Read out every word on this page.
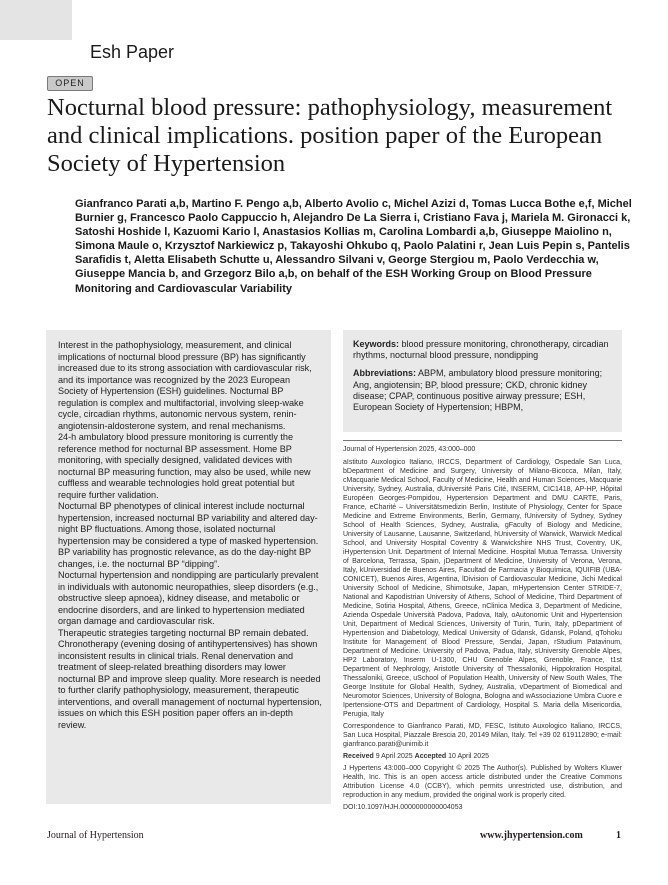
Esh Paper
OPEN
Nocturnal blood pressure: pathophysiology, measurement and clinical implications. position paper of the European Society of Hypertension
Gianfranco Parati a,b, Martino F. Pengo a,b, Alberto Avolio c, Michel Azizi d, Tomas Lucca Bothe e,f, Michel Burnier g, Francesco Paolo Cappuccio h, Alejandro De La Sierra i, Cristiano Fava j, Mariela M. Gironacci k, Satoshi Hoshide l, Kazuomi Kario l, Anastasios Kollias m, Carolina Lombardi a,b, Giuseppe Maiolino n, Simona Maule o, Krzysztof Narkiewicz p, Takayoshi Ohkubo q, Paolo Palatini r, Jean Luis Pepin s, Pantelis Sarafidis t, Aletta Elisabeth Schutte u, Alessandro Silvani v, George Stergiou m, Paolo Verdecchia w, Giuseppe Mancia b, and Grzegorz Bilo a,b, on behalf of the ESH Working Group on Blood Pressure Monitoring and Cardiovascular Variability

Interest in the pathophysiology, measurement, and clinical implications of nocturnal blood pressure (BP) has significantly increased due to its strong association with cardiovascular risk, and its importance was recognized by the 2023 European Society of Hypertension (ESH) guidelines. Nocturnal BP regulation is complex and multifactorial, involving sleep-wake cycle, circadian rhythms, autonomic nervous system, renin-angiotensin-aldosterone system, and renal mechanisms.

24-h ambulatory blood pressure monitoring is currently the reference method for nocturnal BP assessment. Home BP monitoring, with specially designed, validated devices with nocturnal BP measuring function, may also be used, while new cuffless and wearable technologies hold great potential but require further validation.

Nocturnal BP phenotypes of clinical interest include nocturnal hypertension, increased nocturnal BP variability and altered day-night BP fluctuations. Among those, isolated nocturnal hypertension may be considered a type of masked hypertension. BP variability has prognostic relevance, as do the day-night BP changes, i.e. the nocturnal BP “dipping”.

Nocturnal hypertension and nondipping are particularly prevalent in individuals with autonomic neuropathies, sleep disorders (e.g., obstructive sleep apnoea), kidney disease, and metabolic or endocrine disorders, and are linked to hypertension mediated organ damage and cardiovascular risk.

Therapeutic strategies targeting nocturnal BP remain debated. Chronotherapy (evening dosing of antihypertensives) has shown inconsistent results in clinical trials. Renal denervation and treatment of sleep-related breathing disorders may lower nocturnal BP and improve sleep quality. More research is needed to further clarify pathophysiology, measurement, therapeutic interventions, and overall management of nocturnal hypertension, issues on which this ESH position paper offers an in-depth review.

Keywords: blood pressure monitoring, chronotherapy, circadian rhythms, nocturnal blood pressure, nondipping

Abbreviations: ABPM, ambulatory blood pressure monitoring; Ang, angiotensin; BP, blood pressure; CKD, chronic kidney disease; CPAP, continuous positive airway pressure; ESH, European Society of Hypertension; HBPM,

Journal of Hypertension 2025, 43:000–000

aIstituto Auxologico Italiano, IRCCS, Department of Cardiology, Ospedale San Luca, bDepartment of Medicine and Surgery, University of Milano-Bicocca, Milan, Italy, cMacquarie Medical School, Faculty of Medicine, Health and Human Sciences, Macquarie University, Sydney, Australia, dUniversité Paris Cité, INSERM, CIC1418, AP-HP, Hôpital Européen Georges-Pompidou, Hypertension Department and DMU CARTE, Paris, France, eCharité – Universitätsmedizin Berlin, Institute of Physiology, Center for Space Medicine and Extreme Environments, Berlin, Germany, fUniversity of Sydney, Sydney School of Health Sciences, Sydney, Australia, gFaculty of Biology and Medicine, University of Lausanne, Lausanne, Switzerland, hUniversity of Warwick, Warwick Medical School, and University Hospital Coventry & Warwickshire NHS Trust, Coventry, UK, iHypertension Unit. Department of Internal Medicine. Hospital Mutua Terrassa. University of Barcelona, Terrassa, Spain, jDepartment of Medicine, University of Verona, Verona, Italy, kUniversidad de Buenos Aires, Facultad de Farmacia y Bioquímica, IQUIFIB (UBA-CONICET), Buenos Aires, Argentina, lDivision of Cardiovascular Medicine, Jichi Medical University School of Medicine, Shimotsuke, Japan, mHypertension Center STRIDE-7, National and Kapodistrian University of Athens, School of Medicine, Third Department of Medicine, Sotiria Hospital, Athens, Greece, nClinica Medica 3, Department of Medicine, Azienda Ospedale Università Padova, Padova, Italy, oAutonomic Unit and Hypertension Unit, Department of Medical Sciences, University of Turin, Turin, Italy, pDepartment of Hypertension and Diabetology, Medical University of Gdansk, Gdansk, Poland, qTohoku Institute for Management of Blood Pressure, Sendai, Japan, rStudium Patavinum, Department of Medicine. University of Padova, Padua, Italy, sUniversity Grenoble Alpes, HP2 Laboratory, Inserm U-1300, CHU Grenoble Alpes, Grenoble, France, t1st Department of Nephrology, Aristotle University of Thessaloniki, Hippokration Hospital, Thessaloniki, Greece, uSchool of Population Health, University of New South Wales, The George Institute for Global Health, Sydney, Australia, vDepartment of Biomedical and Neuromotor Sciences, University of Bologna, Bologna and wAssociazione Umbra Cuore e Ipertensione-OTS and Department of Cardiology, Hospital S. Maria della Misericordia, Perugia, Italy

Correspondence to Gianfranco Parati, MD, FESC, Istituto Auxologico Italiano, IRCCS, San Luca Hospital, Piazzale Brescia 20, 20149 Milan, Italy. Tel +39 02 619112890; e-mail: gianfranco.parati@unimib.it

Received 9 April 2025 Accepted 10 April 2025

J Hypertens 43:000–000 Copyright © 2025 The Author(s). Published by Wolters Kluwer Health, Inc. This is an open access article distributed under the Creative Commons Attribution License 4.0 (CCBY), which permits unrestricted use, distribution, and reproduction in any medium, provided the original work is properly cited.

DOI:10.1097/HJH.0000000000004053

Journal of Hypertension	www.jhypertension.com	1
